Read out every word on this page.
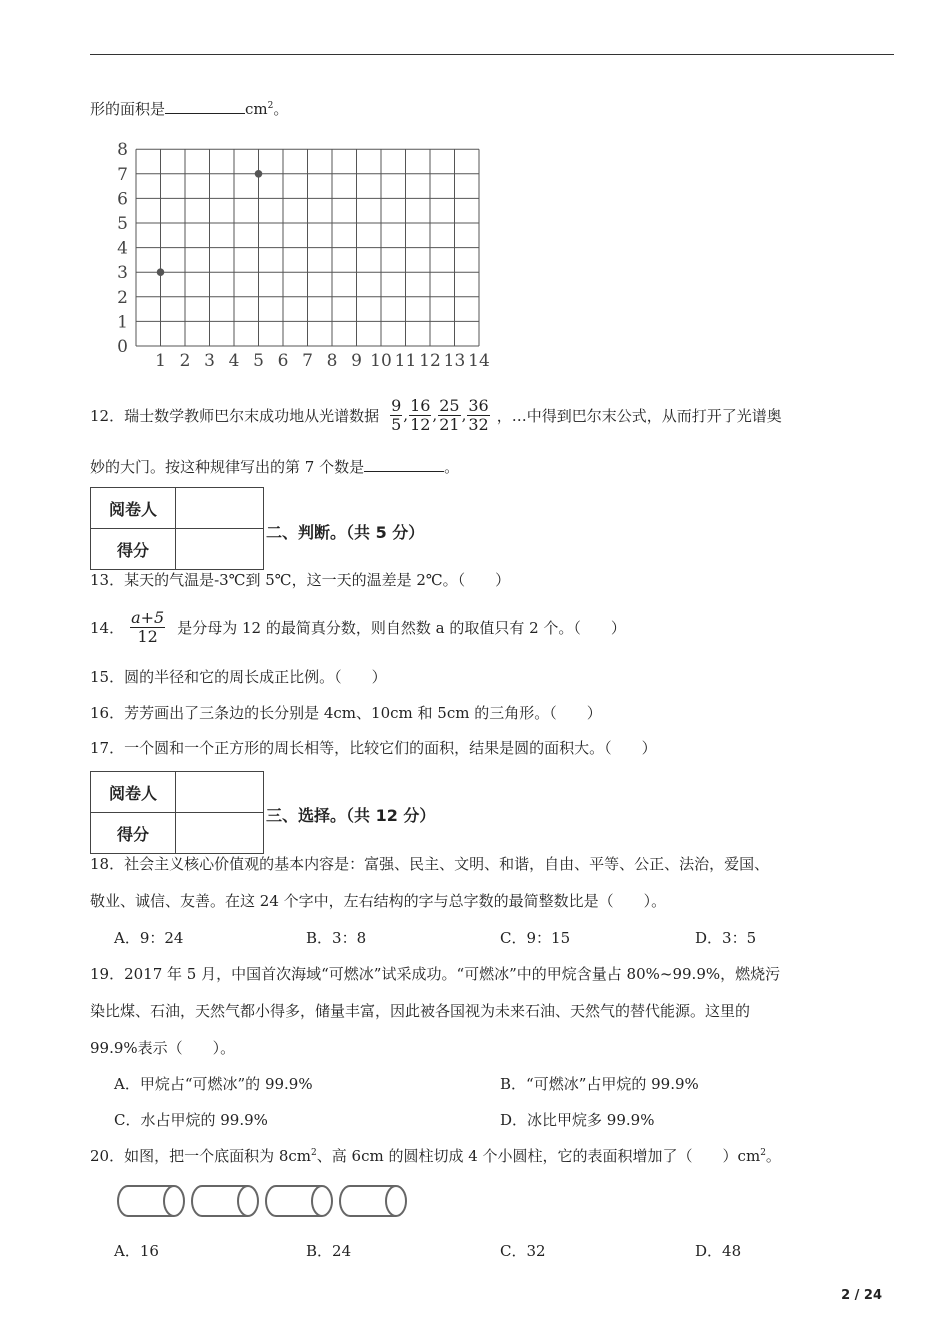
形的面积是	$cm^2$。
0
1
2
3
4
5
6
7
8
1 2 3 4 5 6 7 8 9 10 11 12 13 14
12．瑞士数学教师巴尔末成功地从光谱数据 $\frac{9}{5}$ , $\frac{16}{12}$ , $\frac{25}{21}$ , $\frac{36}{32}$ ，…中得到巴尔末公式，从而打开了光谱奥
妙的大门。按这种规律写出的第 7 个数是	。
阅卷人	
得分	
二、判断。（共 5 分）
13．某天的气温是-3℃到 5℃，这一天的温差是 2℃。（　　）
14． $\frac{a+5}{12}$ 是分母为 12 的最简真分数，则自然数 a 的取值只有 2 个。（　　）
15．圆的半径和它的周长成正比例。（　　）
16．芳芳画出了三条边的长分别是 4cm、10cm 和 5cm 的三角形。（　　）
17．一个圆和一个正方形的周长相等，比较它们的面积，结果是圆的面积大。（　　）
阅卷人	
得分	
三、选择。（共 12 分）
18．社会主义核心价值观的基本内容是：富强、民主、文明、和谐，自由、平等、公正、法治，爱国、
敬业、诚信、友善。在这 24 个字中，左右结构的字与总字数的最简整数比是（　　）。
A．9：24	B．3：8	C．9：15	D．3：5
19．2017 年 5 月，中国首次海域“可燃冰”试采成功。“可燃冰”中的甲烷含量占 80%~99.9%，燃烧污
染比煤、石油，天然气都小得多，储量丰富，因此被各国视为未来石油、天然气的替代能源。这里的
99.9%表示（　　）。
A．甲烷占“可燃冰”的 99.9%	B．“可燃冰”占甲烷的 99.9%
C．水占甲烷的 99.9%	D．冰比甲烷多 99.9%
20．如图，把一个底面积为 $8cm^2$、高 6cm 的圆柱切成 4 个小圆柱，它的表面积增加了（　　）$cm^2$。
A．16	B．24	C．32	D．48
2 / 24
